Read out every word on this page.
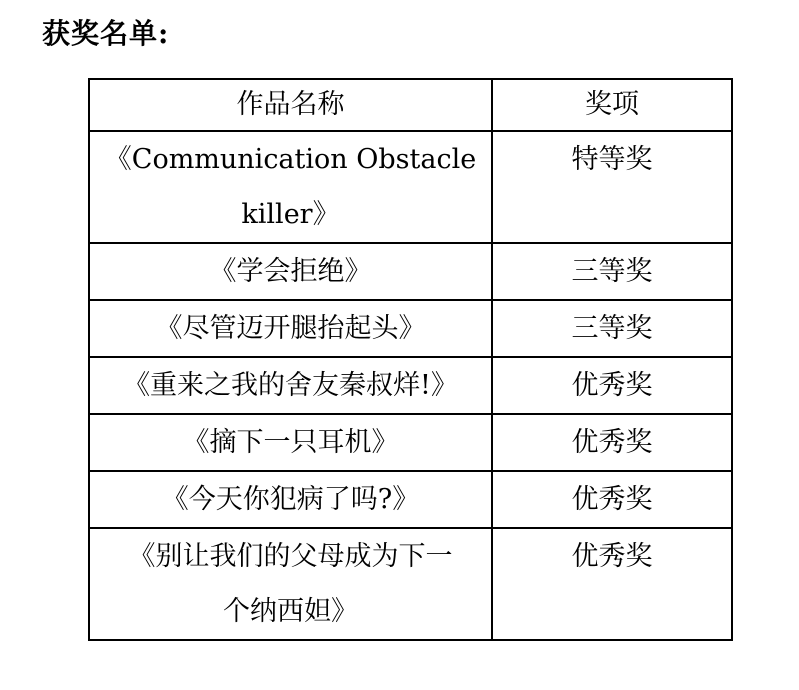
获奖名单:
作品名称	奖项
《Communication Obstacle
killer》	特等奖
《学会拒绝》	三等奖
《尽管迈开腿抬起头》	三等奖
《重来之我的舍友秦叔烊!》	优秀奖
《摘下一只耳机》	优秀奖
《今天你犯病了吗?》	优秀奖
《别让我们的父母成为下一
个纳西妲》	优秀奖
